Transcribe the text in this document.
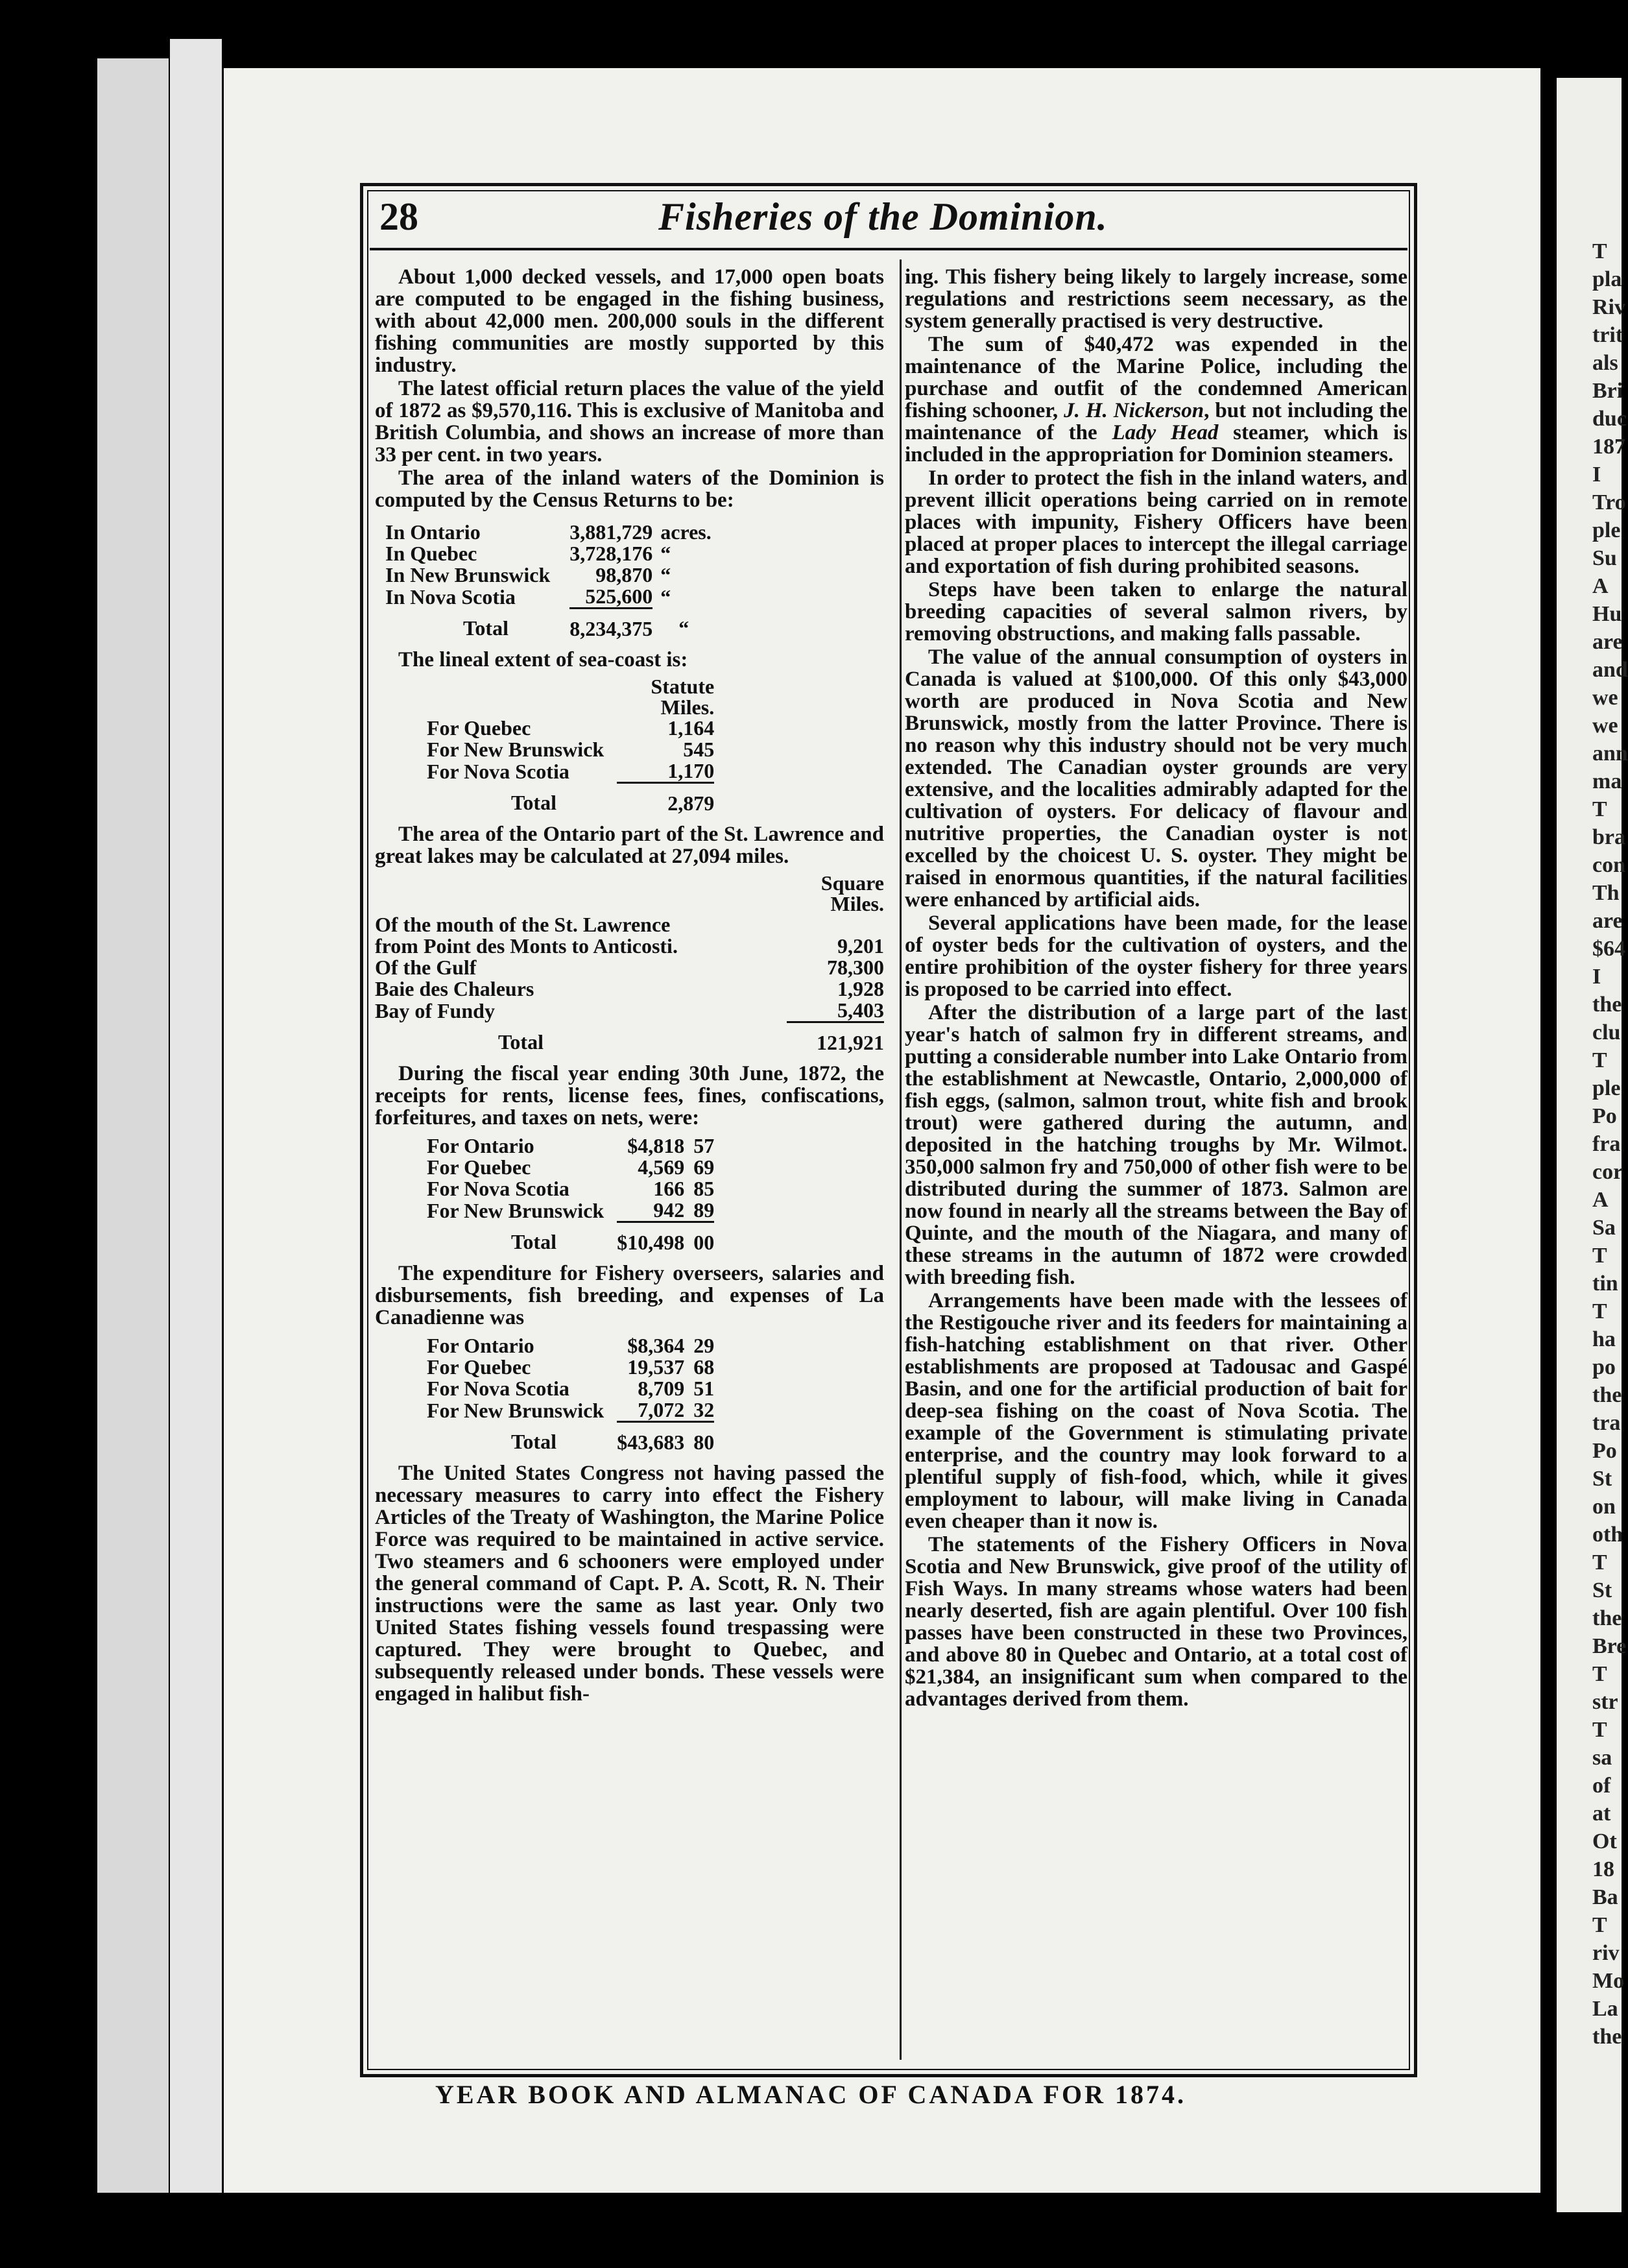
T
pla
Riv
trit
als
Bri
duc
187
I
Tro
ple
Su
A
Hu
are
and
we
we
ann
ma
T
bra
con
Th
are
$64
I
the
clu
T
ple
Po
fra
cor
A
Sa
T
tin
T
ha
po
the
tra
Po
St
on
oth
T
St
the
Bre
T
str
T
sa
of
at
Ot
18
Ba
T
riv
Mo
La
the
28	Fisheries of the Dominion.

About 1,000 decked vessels, and 17,000 open boats are computed to be engaged in the fishing business, with about 42,000 men. 200,000 souls in the different fishing communities are mostly supported by this industry.

The latest official return places the value of the yield of 1872 as $9,570,116. This is exclusive of Manitoba and British Columbia, and shows an increase of more than 33 per cent. in two years.

The area of the inland waters of the Dominion is computed by the Census Returns to be:

In Ontario	3,881,729	acres.
In Quebec	3,728,176	“
In New Brunswick	98,870	“
In Nova Scotia	525,600	“
Total	8,234,375	“

The lineal extent of sea-coast is:

	Statute Miles.
For Quebec	1,164
For New Brunswick	545
For Nova Scotia	1,170
Total	2,879

The area of the Ontario part of the St. Lawrence and great lakes may be calculated at 27,094 miles.

	Square Miles.
Of the mouth of the St. Lawrence	
from Point des Monts to Anticosti.	9,201
Of the Gulf	78,300
Baie des Chaleurs	1,928
Bay of Fundy	5,403
Total	121,921

During the fiscal year ending 30th June, 1872, the receipts for rents, license fees, fines, confiscations, forfeitures, and taxes on nets, were:

For Ontario	$4,818	57
For Quebec	4,569	69
For Nova Scotia	166	85
For New Brunswick	942	89
Total	$10,498	00

The expenditure for Fishery overseers, salaries and disbursements, fish breeding, and expenses of La Canadienne was

For Ontario	$8,364	29
For Quebec	19,537	68
For Nova Scotia	8,709	51
For New Brunswick	7,072	32
Total	$43,683	80

The United States Congress not having passed the necessary measures to carry into effect the Fishery Articles of the Treaty of Washington, the Marine Police Force was required to be maintained in active service. Two steamers and 6 schooners were employed under the general command of Capt. P. A. Scott, R. N. Their instructions were the same as last year. Only two United States fishing vessels found trespassing were captured. They were brought to Quebec, and subsequently released under bonds. These vessels were engaged in halibut fish-

ing. This fishery being likely to largely increase, some regulations and restrictions seem necessary, as the system generally practised is very destructive.

The sum of $40,472 was expended in the maintenance of the Marine Police, including the purchase and outfit of the condemned American fishing schooner, J. H. Nickerson, but not including the maintenance of the Lady Head steamer, which is included in the appropriation for Dominion steamers.

In order to protect the fish in the inland waters, and prevent illicit operations being carried on in remote places with impunity, Fishery Officers have been placed at proper places to intercept the illegal carriage and exportation of fish during prohibited seasons.

Steps have been taken to enlarge the natural breeding capacities of several salmon rivers, by removing obstructions, and making falls passable.

The value of the annual consumption of oysters in Canada is valued at $100,000. Of this only $43,000 worth are produced in Nova Scotia and New Brunswick, mostly from the latter Province. There is no reason why this industry should not be very much extended. The Canadian oyster grounds are very extensive, and the localities admirably adapted for the cultivation of oysters. For delicacy of flavour and nutritive properties, the Canadian oyster is not excelled by the choicest U. S. oyster. They might be raised in enormous quantities, if the natural facilities were enhanced by artificial aids.

Several applications have been made, for the lease of oyster beds for the cultivation of oysters, and the entire prohibition of the oyster fishery for three years is proposed to be carried into effect.

After the distribution of a large part of the last year's hatch of salmon fry in different streams, and putting a considerable number into Lake Ontario from the establishment at Newcastle, Ontario, 2,000,000 of fish eggs, (salmon, salmon trout, white fish and brook trout) were gathered during the autumn, and deposited in the hatching troughs by Mr. Wilmot. 350,000 salmon fry and 750,000 of other fish were to be distributed during the summer of 1873. Salmon are now found in nearly all the streams between the Bay of Quinte, and the mouth of the Niagara, and many of these streams in the autumn of 1872 were crowded with breeding fish.

Arrangements have been made with the lessees of the Restigouche river and its feeders for maintaining a fish-hatching establishment on that river. Other establishments are proposed at Tadousac and Gaspé Basin, and one for the artificial production of bait for deep-sea fishing on the coast of Nova Scotia. The example of the Government is stimulating private enterprise, and the country may look forward to a plentiful supply of fish-food, which, while it gives employment to labour, will make living in Canada even cheaper than it now is.

The statements of the Fishery Officers in Nova Scotia and New Brunswick, give proof of the utility of Fish Ways. In many streams whose waters had been nearly deserted, fish are again plentiful. Over 100 fish passes have been constructed in these two Provinces, and above 80 in Quebec and Ontario, at a total cost of $21,384, an insignificant sum when compared to the advantages derived from them.

YEAR BOOK AND ALMANAC OF CANADA FOR 1874.
